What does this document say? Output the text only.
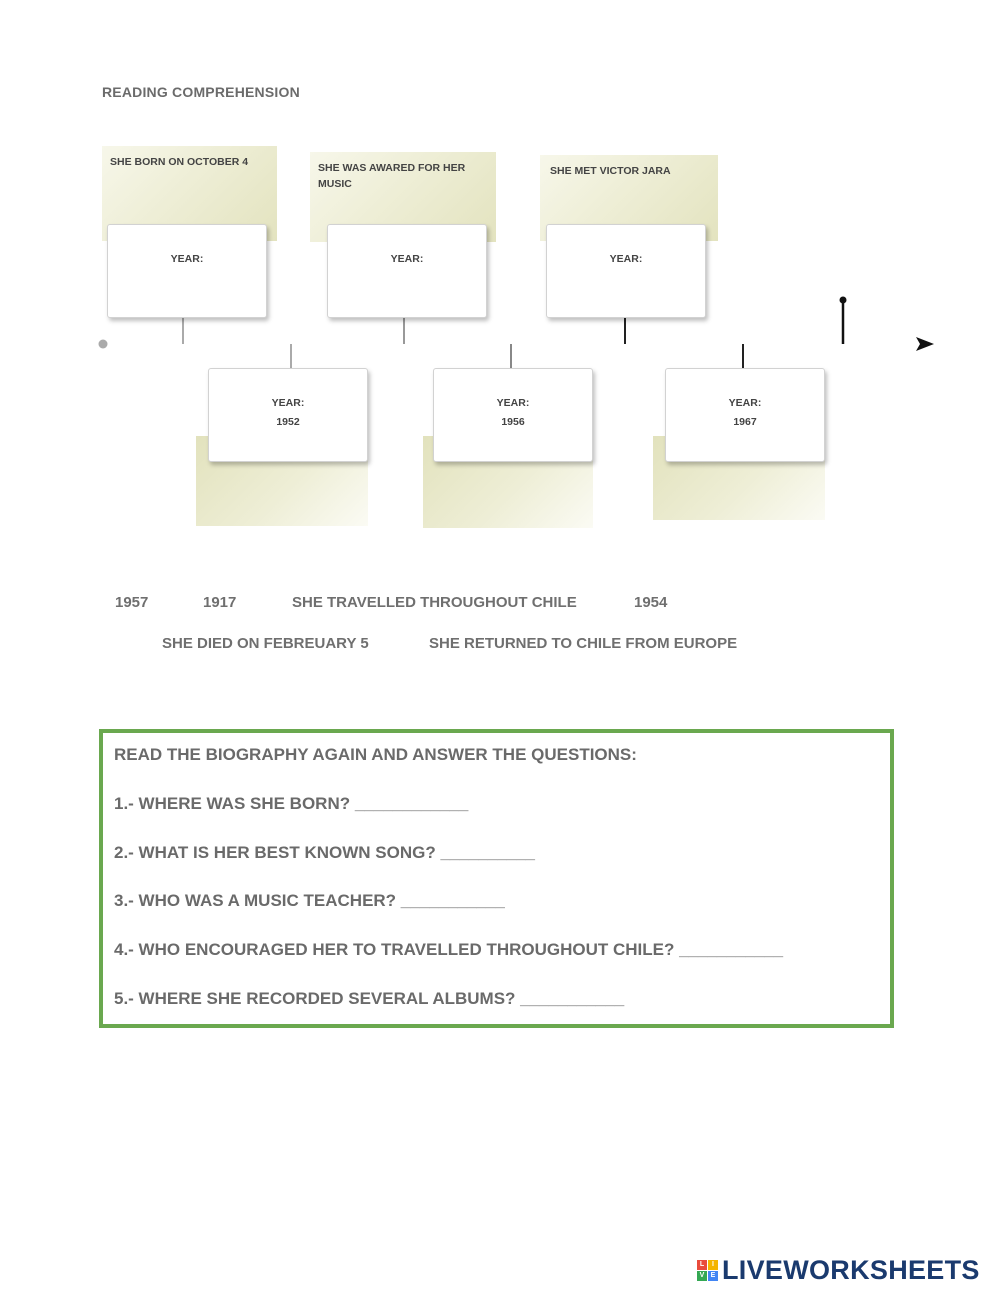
READING COMPREHENSION
SHE BORN ON OCTOBER 4	SHE WAS AWARED FOR HER MUSIC
SHE MET VICTOR JARA
YEAR:	YEAR:	YEAR:
YEAR:
1952
YEAR:
1956
YEAR:
1967
1957	1917	SHE TRAVELLED THROUGHOUT CHILE	1954
SHE DIED ON FEBREUARY 5	SHE RETURNED TO CHILE FROM EUROPE
READ THE BIOGRAPHY AGAIN AND ANSWER THE QUESTIONS:
1.- WHERE WAS SHE BORN? ____________
2.- WHAT IS HER BEST KNOWN SONG? __________
3.- WHO WAS A MUSIC TEACHER? ___________
4.- WHO ENCOURAGED HER TO TRAVELLED THROUGHOUT CHILE? ___________
5.- WHERE SHE RECORDED SEVERAL ALBUMS? ___________
L	I
V E LIVEWORKSHEETS
